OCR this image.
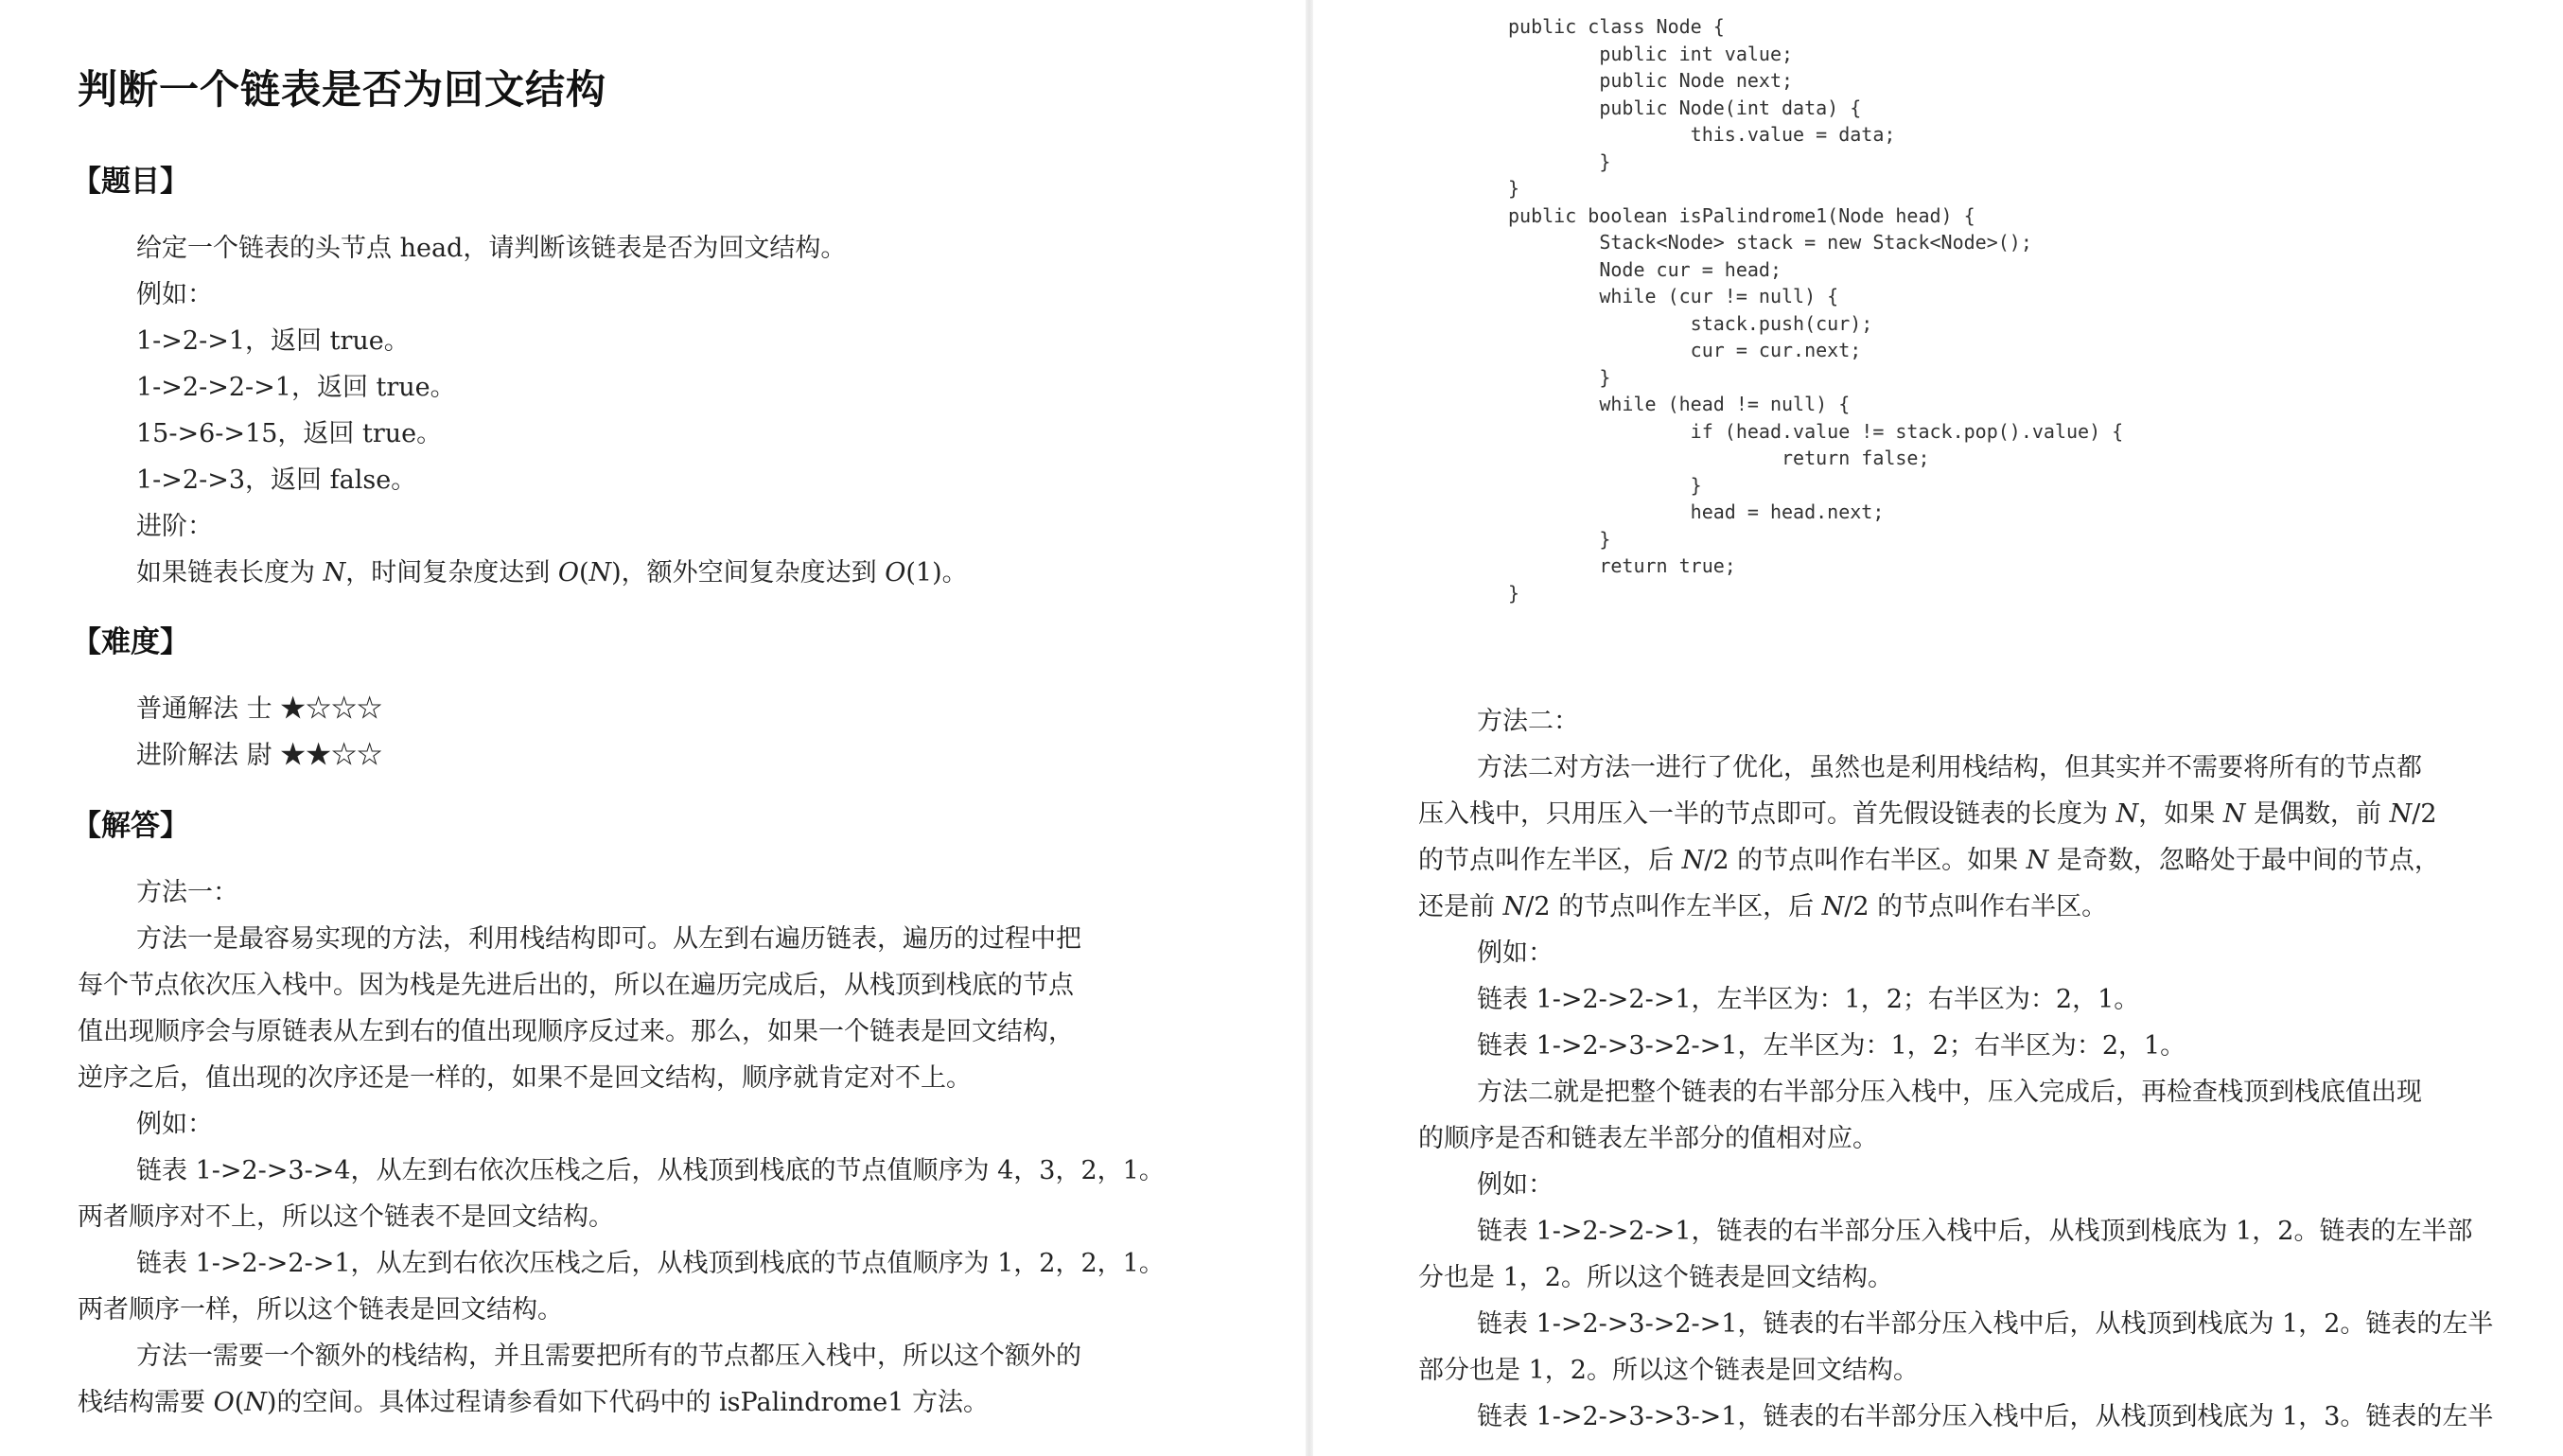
判断一个链表是否为回文结构
【题目】
给定一个链表的头节点 head，请判断该链表是否为回文结构。
例如：
1->2->1，返回 true。
1->2->2->1，返回 true。
15->6->15，返回 true。
1->2->3，返回 false。
进阶：
如果链表长度为 N，时间复杂度达到 O(N)，额外空间复杂度达到 O(1)。
【难度】
普通解法 士 ★☆☆☆
进阶解法 尉 ★★☆☆
【解答】
方法一：
方法一是最容易实现的方法，利用栈结构即可。从左到右遍历链表，遍历的过程中把
每个节点依次压入栈中。因为栈是先进后出的，所以在遍历完成后，从栈顶到栈底的节点
值出现顺序会与原链表从左到右的值出现顺序反过来。那么，如果一个链表是回文结构，
逆序之后，值出现的次序还是一样的，如果不是回文结构，顺序就肯定对不上。
例如：
链表 1->2->3->4，从左到右依次压栈之后，从栈顶到栈底的节点值顺序为 4，3，2，1。
两者顺序对不上，所以这个链表不是回文结构。
链表 1->2->2->1，从左到右依次压栈之后，从栈顶到栈底的节点值顺序为 1，2，2，1。
两者顺序一样，所以这个链表是回文结构。
方法一需要一个额外的栈结构，并且需要把所有的节点都压入栈中，所以这个额外的
栈结构需要 O(N)的空间。具体过程请参看如下代码中的 isPalindrome1 方法。
public class Node {
public int value;
public Node next;
public Node(int data) {
this.value = data;
}
}
public boolean isPalindrome1(Node head) {
Stack<Node> stack = new Stack<Node>();
Node cur = head;
while (cur != null) {
stack.push(cur);
cur = cur.next;
}
while (head != null) {
if (head.value != stack.pop().value) {
return false;
}
head = head.next;
}
return true;
}
方法二：
方法二对方法一进行了优化，虽然也是利用栈结构，但其实并不需要将所有的节点都
压入栈中，只用压入一半的节点即可。首先假设链表的长度为 N，如果 N 是偶数，前 N/2
的节点叫作左半区，后 N/2 的节点叫作右半区。如果 N 是奇数，忽略处于最中间的节点，
还是前 N/2 的节点叫作左半区，后 N/2 的节点叫作右半区。
例如：
链表 1->2->2->1，左半区为：1，2；右半区为：2，1。
链表 1->2->3->2->1，左半区为：1，2；右半区为：2，1。
方法二就是把整个链表的右半部分压入栈中，压入完成后，再检查栈顶到栈底值出现
的顺序是否和链表左半部分的值相对应。
例如：
链表 1->2->2->1，链表的右半部分压入栈中后，从栈顶到栈底为 1，2。链表的左半部
分也是 1，2。所以这个链表是回文结构。
链表 1->2->3->2->1，链表的右半部分压入栈中后，从栈顶到栈底为 1，2。链表的左半
部分也是 1，2。所以这个链表是回文结构。
链表 1->2->3->3->1，链表的右半部分压入栈中后，从栈顶到栈底为 1，3。链表的左半
